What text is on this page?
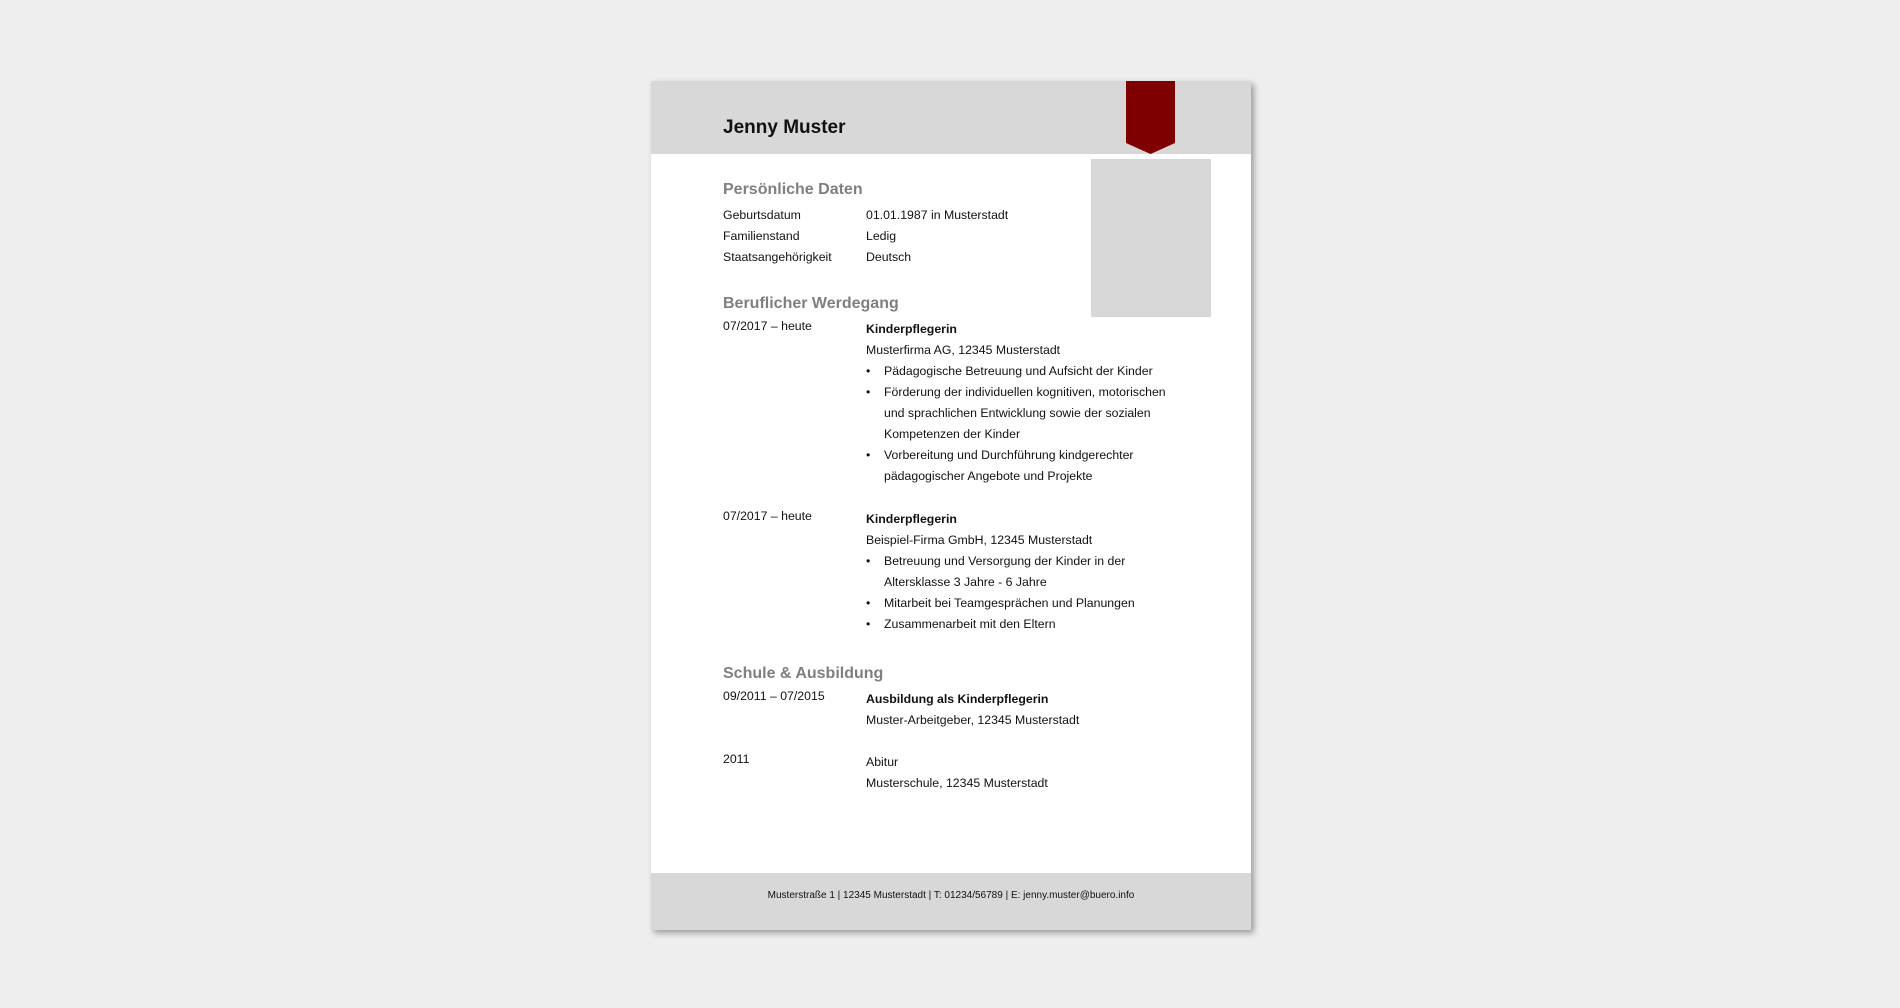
Jenny Muster
Persönliche Daten
Geburtsdatum	01.01.1987 in Musterstadt
Familienstand	Ledig
Staatsangehörigkeit	Deutsch
Beruflicher Werdegang
07/2017 – heute	Kinderpflegerin
Musterfirma AG, 12345 Musterstadt
• Pädagogische Betreuung und Aufsicht der Kinder
• Förderung der individuellen kognitiven, motorischen und sprachlichen Entwicklung sowie der sozialen Kompetenzen der Kinder
• Vorbereitung und Durchführung kindgerechter pädagogischer Angebote und Projekte
07/2017 – heute	Kinderpflegerin
Beispiel-Firma GmbH, 12345 Musterstadt
• Betreuung und Versorgung der Kinder in der Altersklasse 3 Jahre - 6 Jahre
• Mitarbeit bei Teamgesprächen und Planungen
• Zusammenarbeit mit den Eltern
Schule & Ausbildung
09/2011 – 07/2015	Ausbildung als Kinderpflegerin
Muster-Arbeitgeber, 12345 Musterstadt
2011	Abitur
Musterschule, 12345 Musterstadt
Musterstraße 1 | 12345 Musterstadt | T: 01234/56789 | E: jenny.muster@buero.info
